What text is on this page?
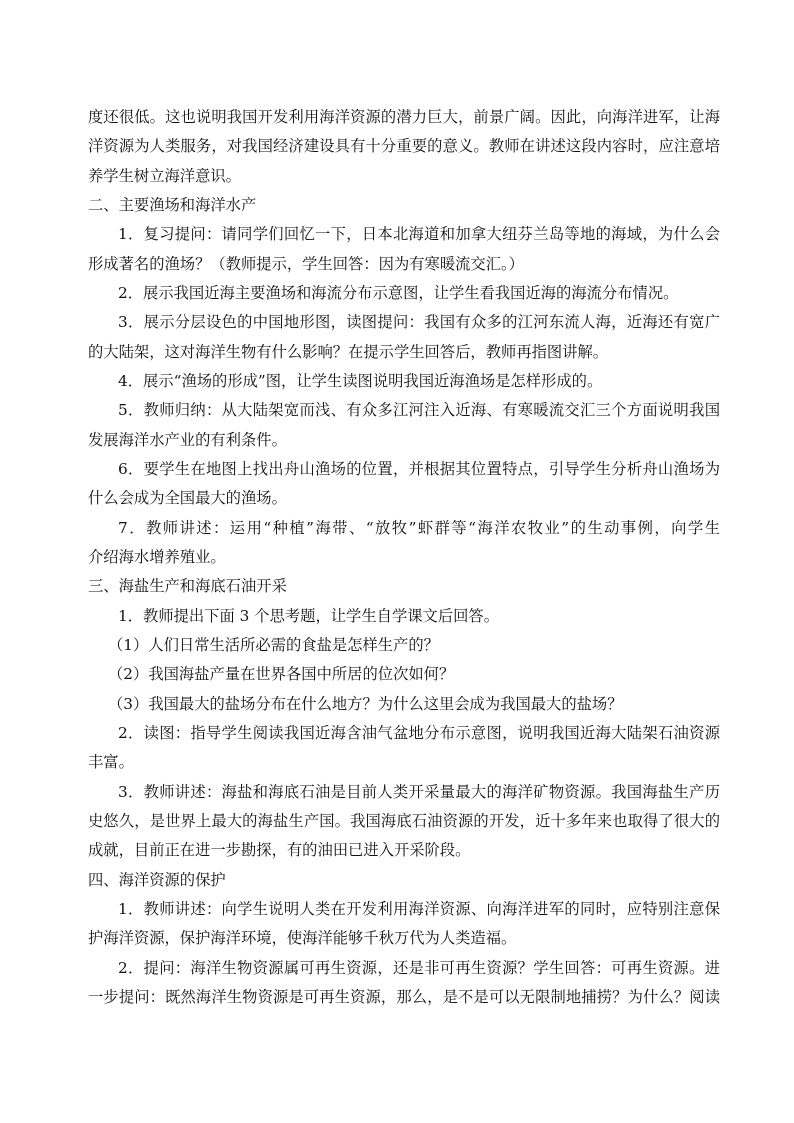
度还很低。这也说明我国开发利用海洋资源的潜力巨大，前景广阔。因此，向海洋进军，让海
洋资源为人类服务，对我国经济建设具有十分重要的意义。教师在讲述这段内容时，应注意培
养学生树立海洋意识。
二、主要渔场和海洋水产
1．复习提问：请同学们回忆一下，日本北海道和加拿大纽芬兰岛等地的海域，为什么会
形成著名的渔场？（教师提示，学生回答：因为有寒暖流交汇。）
2．展示我国近海主要渔场和海流分布示意图，让学生看我国近海的海流分布情况。
3．展示分层设色的中国地形图，读图提问：我国有众多的江河东流人海，近海还有宽广
的大陆架，这对海洋生物有什么影响？在提示学生回答后，教师再指图讲解。
4．展示“渔场的形成”图，让学生读图说明我国近海渔场是怎样形成的。
5．教师归纳：从大陆架宽而浅、有众多江河注入近海、有寒暖流交汇三个方面说明我国
发展海洋水产业的有利条件。
6．要学生在地图上找出舟山渔场的位置，并根据其位置特点，引导学生分析舟山渔场为
什么会成为全国最大的渔场。
7．教师讲述：运用“种植”海带、“放牧”虾群等“海洋农牧业”的生动事例，向学生
介绍海水增养殖业。
三、海盐生产和海底石油开采
1．教师提出下面 3 个思考题，让学生自学课文后回答。
（1）人们日常生活所必需的食盐是怎样生产的？
（2）我国海盐产量在世界各国中所居的位次如何？
（3）我国最大的盐场分布在什么地方？为什么这里会成为我国最大的盐场？
2．读图：指导学生阅读我国近海含油气盆地分布示意图，说明我国近海大陆架石油资源
丰富。
3．教师讲述：海盐和海底石油是目前人类开采量最大的海洋矿物资源。我国海盐生产历
史悠久，是世界上最大的海盐生产国。我国海底石油资源的开发，近十多年来也取得了很大的
成就，目前正在进一步勘探，有的油田已进入开采阶段。
四、海洋资源的保护
1．教师讲述：向学生说明人类在开发利用海洋资源、向海洋进军的同时，应特别注意保
护海洋资源，保护海洋环境，使海洋能够千秋万代为人类造福。
2．提问：海洋生物资源属可再生资源，还是非可再生资源？学生回答：可再生资源。进
一步提问：既然海洋生物资源是可再生资源，那么，是不是可以无限制地捕捞？为什么？阅读
